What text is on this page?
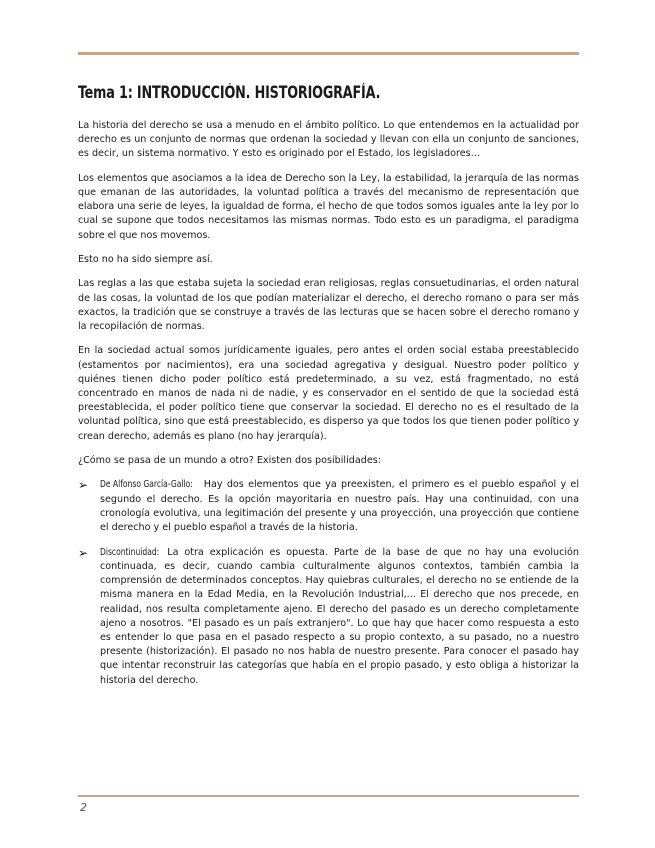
Tema 1: INTRODUCCIÓN. HISTORIOGRAFÍA.

La historia del derecho se usa a menudo en el ámbito político. Lo que entendemos en la actualidad por derecho es un conjunto de normas que ordenan la sociedad y llevan con ella un conjunto de sanciones, es decir, un sistema normativo. Y esto es originado por el Estado, los legisladores…

Los elementos que asociamos a la idea de Derecho son la Ley, la estabilidad, la jerarquía de las normas que emanan de las autoridades, la voluntad política a través del mecanismo de representación que elabora una serie de leyes, la igualdad de forma, el hecho de que todos somos iguales ante la ley por lo cual se supone que todos necesitamos las mismas normas. Todo esto es un paradigma, el paradigma sobre el que nos movemos.

Esto no ha sido siempre así.

Las reglas a las que estaba sujeta la sociedad eran religiosas, reglas consuetudinarias, el orden natural de las cosas, la voluntad de los que podían materializar el derecho, el derecho romano o para ser más exactos, la tradición que se construye a través de las lecturas que se hacen sobre el derecho romano y la recopilación de normas.

En la sociedad actual somos jurídicamente iguales, pero antes el orden social estaba preestablecido (estamentos por nacimientos), era una sociedad agregativa y desigual. Nuestro poder político y quiénes tienen dicho poder político está predeterminado, a su vez, está fragmentado, no está concentrado en manos de nada ni de nadie, y es conservador en el sentido de que la sociedad está preestablecida, el poder político tiene que conservar la sociedad. El derecho no es el resultado de la voluntad política, sino que está preestablecido, es disperso ya que todos los que tienen poder político y crean derecho, además es plano (no hay jerarquía).

¿Cómo se pasa de un mundo a otro? Existen dos posibilidades:

➢ De Alfonso García-Gallo: Hay dos elementos que ya preexisten, el primero es el pueblo español y el segundo el derecho. Es la opción mayoritaria en nuestro país. Hay una continuidad, con una cronología evolutiva, una legitimación del presente y una proyección, una proyección que contiene el derecho y el pueblo español a través de la historia.
➢ Discontinuidad: La otra explicación es opuesta. Parte de la base de que no hay una evolución continuada, es decir, cuando cambia culturalmente algunos contextos, también cambia la comprensión de determinados conceptos. Hay quiebras culturales, el derecho no se entiende de la misma manera en la Edad Media, en la Revolución Industrial,... El derecho que nos precede, en realidad, nos resulta completamente ajeno. El derecho del pasado es un derecho completamente ajeno a nosotros. "El pasado es un país extranjero". Lo que hay que hacer como respuesta a esto es entender lo que pasa en el pasado respecto a su propio contexto, a su pasado, no a nuestro presente (historización). El pasado no nos habla de nuestro presente. Para conocer el pasado hay que intentar reconstruir las categorías que había en el propio pasado, y esto obliga a historizar la historia del derecho.
2
